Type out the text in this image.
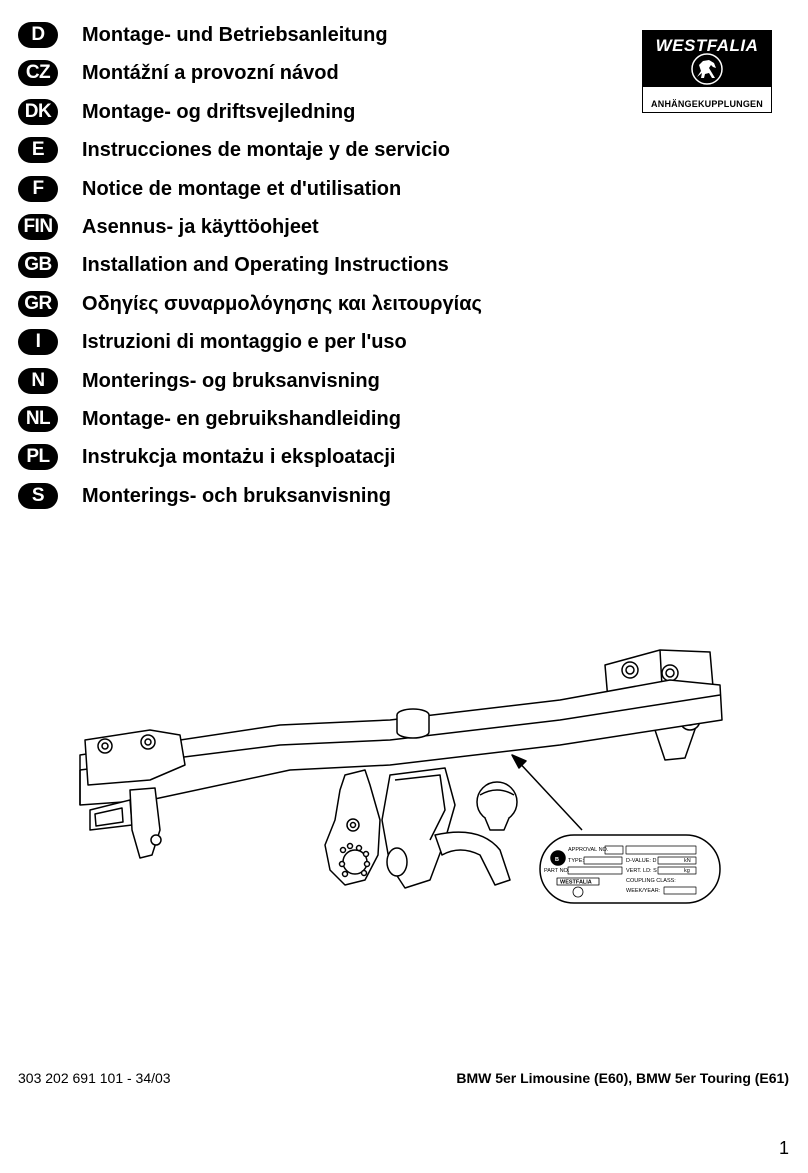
D	Montage- und Betriebsanleitung
CZ	Montážní a provozní návod
DK	Montage- og driftsvejledning
E	Instrucciones de montaje y de servicio
F	Notice de montage et d'utilisation
FIN Asennus- ja käyttöohjeet
GB	Installation and Operating Instructions
GR	Οδηγίες συναρμολόγησης και λειτουργίας
I	Istruzioni di montaggio e per l'uso
N	Monterings- og bruksanvisning
NL	Montage- en gebruikshandleiding
PL	Instrukcja montażu i eksploatacji
S	Monterings- och bruksanvisning
WESTFALIA
ANHÄNGEKUPPLUNGEN
B
APPROVAL NO.
TYPE:	D-VALUE: D	kN
PART NO.	VERT. LD: S	kg
WESTFALIA	COUPLING CLASS:
WEEK/YEAR:
303 202 691 101 - 34/03	BMW 5er Limousine (E60), BMW 5er Touring (E61)
1
